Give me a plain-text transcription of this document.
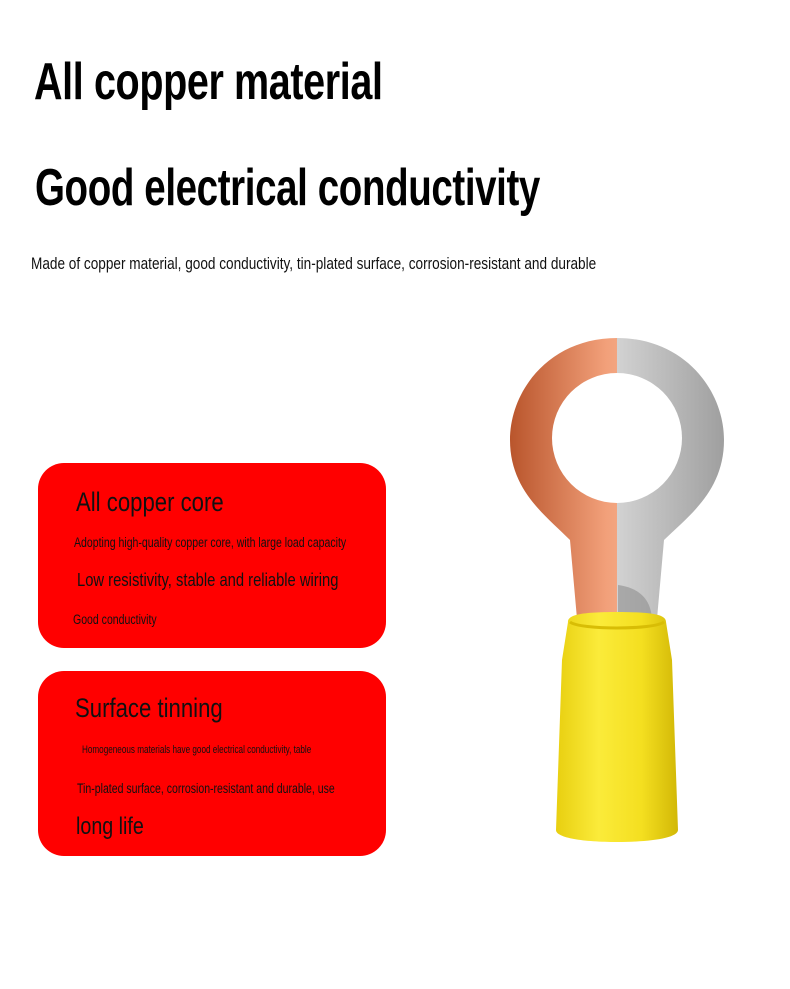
All copper material
Good electrical conductivity

Made of copper material, good conductivity, tin-plated surface, corrosion-resistant and durable

All copper core

Adopting high-quality copper core, with large load capacity

Low resistivity, stable and reliable wiring

Good conductivity

Surface tinning

Homogeneous materials have good electrical conductivity, table

Tin-plated surface, corrosion-resistant and durable, use

long life
